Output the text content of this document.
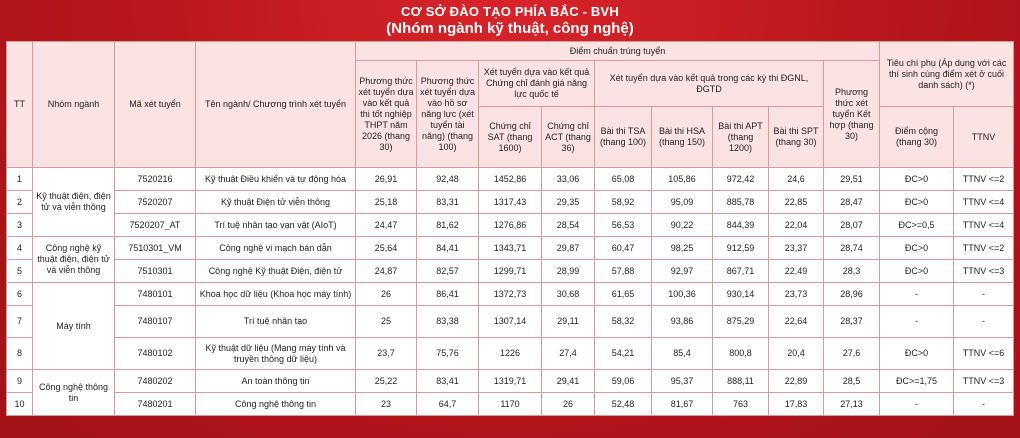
CƠ SỞ ĐÀO TẠO PHÍA BẮC - BVH
(Nhóm ngành kỹ thuật, công nghệ)
TT	Nhóm ngành	Mã xét tuyển	Tên ngành/ Chương trình xét tuyển	Điểm chuẩn trúng tuyển									Tiêu chí phụ (Áp dụng với các thí sinh cùng điểm xét ở cuối danh sách) (*)	
				Phương thức xét tuyển dựa vào kết quả thi tốt nghiệp THPT năm 2026 (thang 30)	Phương thức xét tuyển dựa vào hồ sơ năng lực (xét tuyển tài năng) (thang 100)	Xét tuyển dựa vào kết quả Chứng chỉ đánh giá năng lực quốc tế		Xét tuyển dựa vào kết quả trong các kỳ thi ĐGNL, ĐGTD				Phương thức xét tuyển Kết hợp (thang 30)		
						Chứng chỉ SAT (thang 1600)	Chứng chỉ ACT (thang 36)	Bài thi TSA (thang 100)	Bài thi HSA (thang 150)	Bài thi APT (thang 1200)	Bài thi SPT (thang 30)		Điểm cộng (thang 30)	TTNV
1	Kỹ thuật điện, điện tử và viễn thông	7520216	Kỹ thuật Điều khiển và tự động hóa	26,91	92,48	1452,86	33,06	65,08	105,86	972,42	24,6	29,51	ĐC>0	TTNV <=2
2		7520207	Kỹ thuật Điện tử viễn thông	25,18	83,31	1317,43	29,35	58,92	95,09	885,78	22,85	28,47	ĐC>0	TTNV <=4
3		7520207_AT	Trí tuệ nhân tạo vạn vật (AIoT)	24,47	81,62	1276,86	28,54	56,53	90,22	844,39	22,04	28,07	ĐC>=0,5	TTNV <=4
4	Công nghệ kỹ thuật điện, điện tử và viễn thông	7510301_VM	Công nghệ vi mạch bán dẫn	25,64	84,41	1343,71	29,87	60,47	98,25	912,59	23,37	28,74	ĐC>0	TTNV <=2
5		7510301	Công nghệ Kỹ thuật Điện, điện tử	24,87	82,57	1299,71	28,99	57,88	92,97	867,71	22,49	28,3	ĐC>0	TTNV <=3
6	Máy tính	7480101	Khoa học dữ liệu (Khoa học máy tính)	26	86,41	1372,73	30,68	61,65	100,36	930,14	23,73	28,96	-	-
7		7480107	Trí tuệ nhân tạo	25	83,38	1307,14	29,11	58,32	93,86	875,29	22,64	28,37	-	-
8		7480102	Kỹ thuật dữ liệu (Mạng máy tính và truyền thông dữ liệu)	23,7	75,76	1226	27,4	54,21	85,4	800,8	20,4	27,6	ĐC>0	TTNV <=6
9	Công nghệ thông tin	7480202	An toàn thông tin	25,22	83,41	1319,71	29,41	59,06	95,37	888,11	22,89	28,5	ĐC>=1,75	TTNV <=3
10		7480201	Công nghệ thông tin	23	64,7	1170	26	52,48	81,67	763	17,83	27,13	-	-
